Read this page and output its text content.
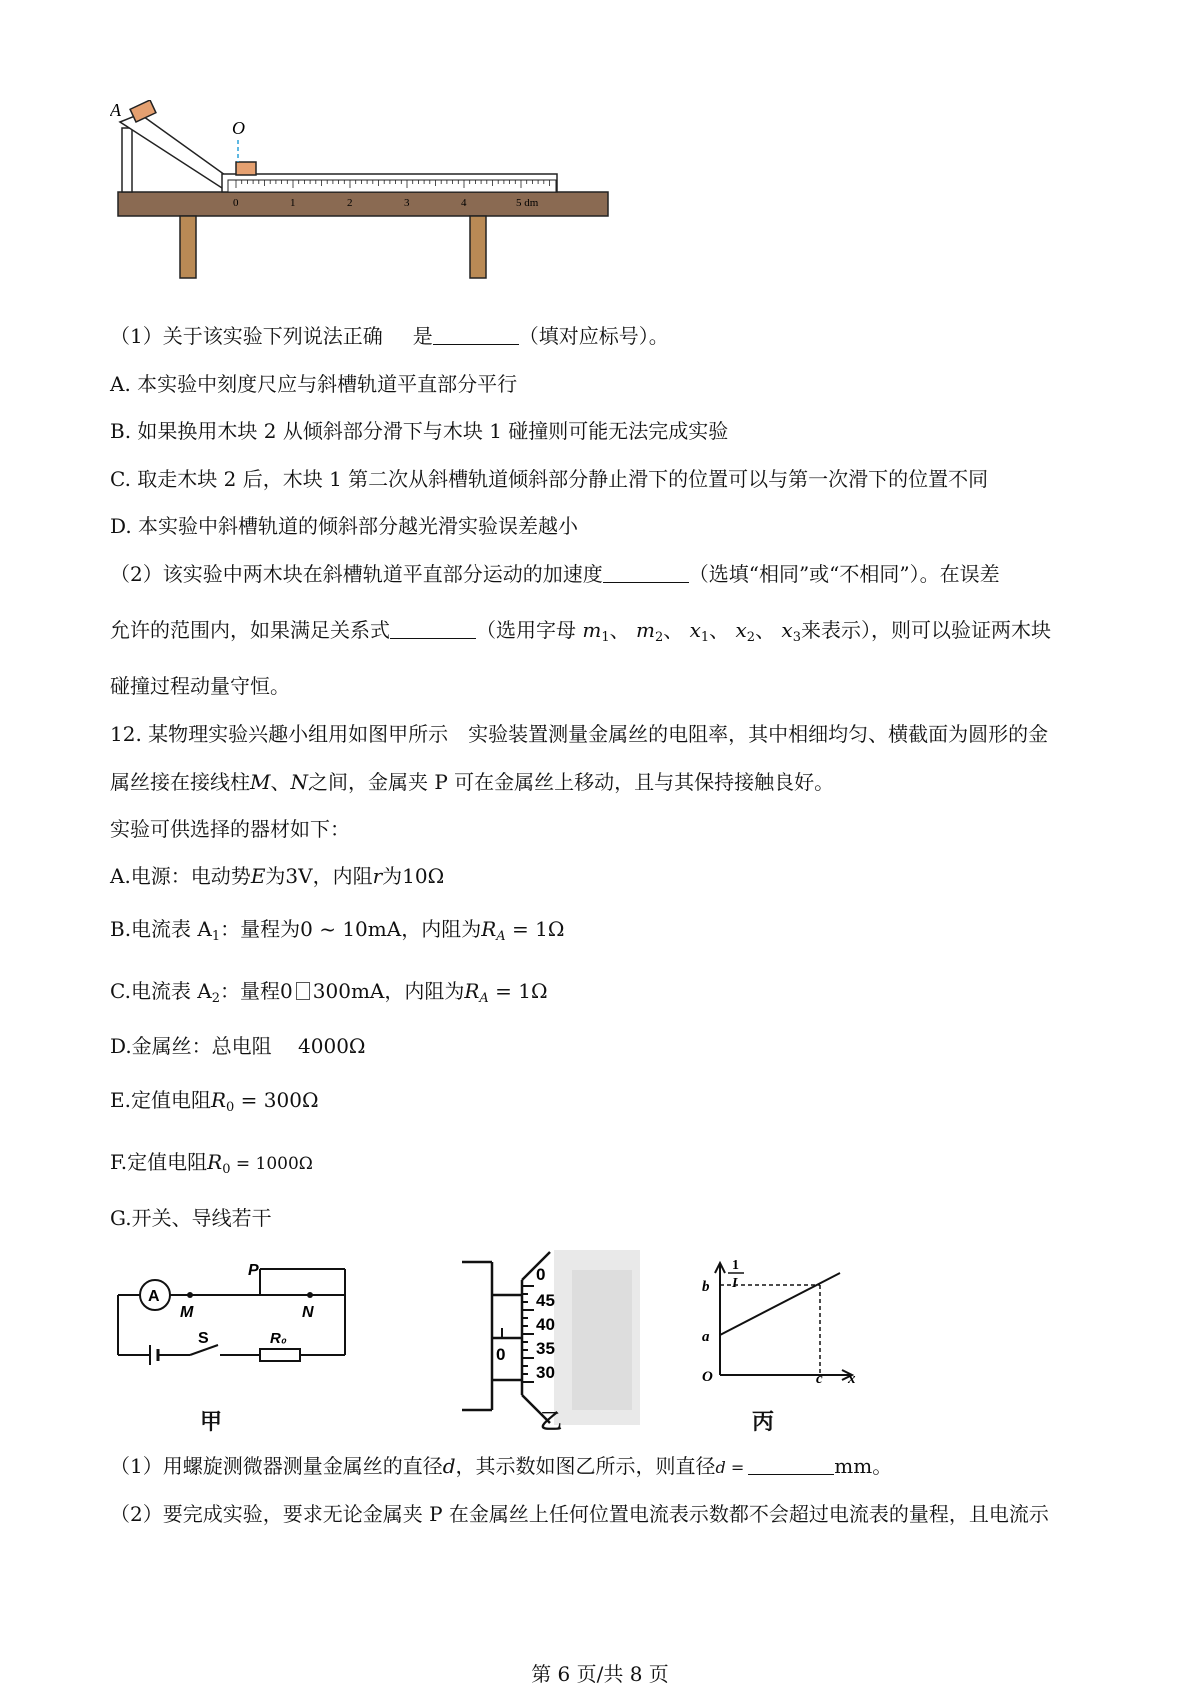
A
O
0	1	2	3	4	5 dm
（1）关于该实验下列说法正确 是	（填对应标号）。
A. 本实验中刻度尺应与斜槽轨道平直部分平行
B. 如果换用木块 2 从倾斜部分滑下与木块 1 碰撞则可能无法完成实验
C. 取走木块 2 后，木块 1 第二次从斜槽轨道倾斜部分静止滑下的位置可以与第一次滑下的位置不同
D. 本实验中斜槽轨道的倾斜部分越光滑实验误差越小
（2）该实验中两木块在斜槽轨道平直部分运动的加速度	（选填“相同”或“不相同”）。在误差
允许的范围内，如果满足关系式	（选用字母 $m_1$、 $m_2$、 $x_1$、 $x_2$、 $x_3$来表示），则可以验证两木块
碰撞过程动量守恒。
12. 某物理实验兴趣小组用如图甲所示　实验装置测量金属丝的电阻率，其中相细均匀、横截面为圆形的金
属丝接在接线柱M、N之间，金属夹 P 可在金属丝上移动，且与其保持接触良好。
实验可供选择的器材如下：
A.电源：电动势E为3V，内阻r为10Ω
B.电流表 $A_1$：量程为0 ~ 10mA，内阻为$R_A = 1\Omega$
C.电流表 $A_2$：量程0 300mA，内阻为$R_A = 1\Omega$
D.金属丝：总电阻　 4000Ω
E.定值电阻$R_0 = 300\Omega$
F.定值电阻$R_0 = 1000\Omega$
G.开关、导线若干
A
P
M	N
S	R₀
甲
0
45
40
35
30
0
乙
1
I
b
a
O	c x
丙
（1）用螺旋测微器测量金属丝的直径d，其示数如图乙所示，则直径d =	mm。
（2）要完成实验，要求无论金属夹 P 在金属丝上任何位置电流表示数都不会超过电流表的量程，且电流示
第 6 页/共 8 页
